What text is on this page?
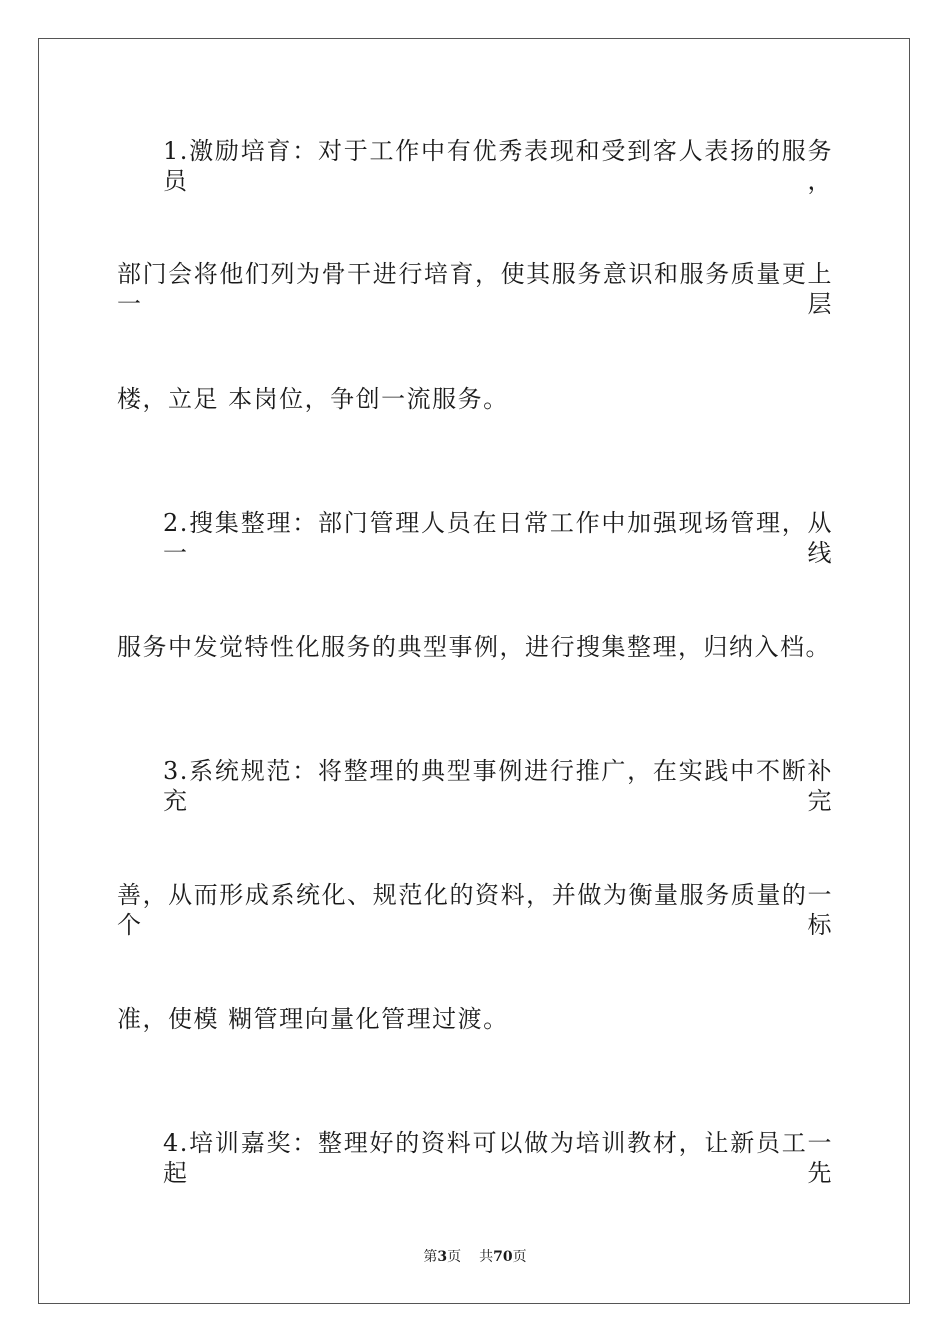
1.激励培育：对于工作中有优秀表现和受到客人表扬的服务员，

部门会将他们列为骨干进行培育，使其服务意识和服务质量更上一层

楼，立足 本岗位，争创一流服务。

2.搜集整理：部门管理人员在日常工作中加强现场管理，从一线

服务中发觉特性化服务的典型事例，进行搜集整理，归纳入档。

3.系统规范：将整理的典型事例进行推广，在实践中不断补充完

善，从而形成系统化、规范化的资料，并做为衡量服务质量的一个标

准，使模 糊管理向量化管理过渡。

4.培训嘉奖：整理好的资料可以做为培训教材，让新员工一起先

第3页 共70页
